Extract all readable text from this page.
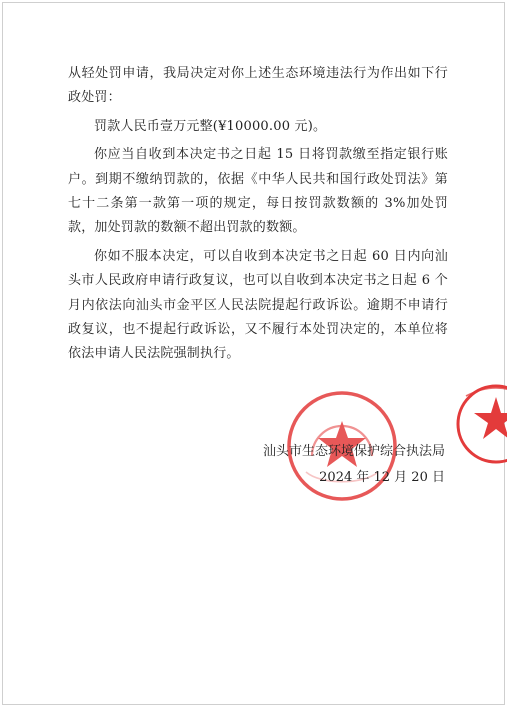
从轻处罚申请，我局决定对你上述生态环境违法行为作出如下行政处罚：

罚款人民币壹万元整(¥10000.00 元)。

你应当自收到本决定书之日起 15 日将罚款缴至指定银行账户。到期不缴纳罚款的，依据《中华人民共和国行政处罚法》第七十二条第一款第一项的规定，每日按罚款数额的 3%加处罚款，加处罚款的数额不超出罚款的数额。

你如不服本决定，可以自收到本决定书之日起 60 日内向汕头市人民政府申请行政复议，也可以自收到本决定书之日起 6 个月内依法向汕头市金平区人民法院提起行政诉讼。逾期不申请行政复议，也不提起行政诉讼，又不履行本处罚决定的，本单位将依法申请人民法院强制执行。

汕头市生态环境保护综合执法局
2024 年 12 月 20 日
